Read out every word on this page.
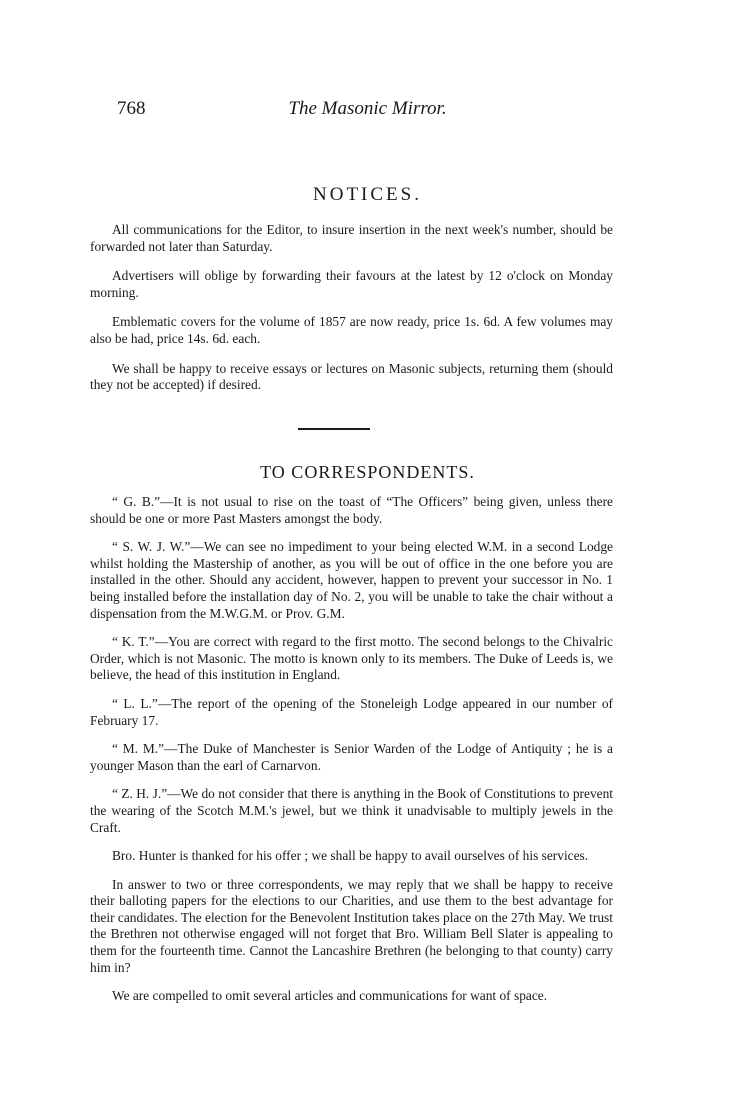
768	The Masonic Mirror.
NOTICES.

All communications for the Editor, to insure insertion in the next week's number, should be forwarded not later than Saturday.

Advertisers will oblige by forwarding their favours at the latest by 12 o'clock on Monday morning.

Emblematic covers for the volume of 1857 are now ready, price 1s. 6d. A few volumes may also be had, price 14s. 6d. each.

We shall be happy to receive essays or lectures on Masonic subjects, returning them (should they not be accepted) if desired.

TO CORRESPONDENTS.

“ G. B.”—It is not usual to rise on the toast of “The Officers” being given, unless there should be one or more Past Masters amongst the body.

“ S. W. J. W.”—We can see no impediment to your being elected W.M. in a second Lodge whilst holding the Mastership of another, as you will be out of office in the one before you are installed in the other. Should any accident, however, happen to prevent your successor in No. 1 being installed before the installation day of No. 2, you will be unable to take the chair without a dispensation from the M.W.G.M. or Prov. G.M.

“ K. T.”—You are correct with regard to the first motto. The second belongs to the Chivalric Order, which is not Masonic. The motto is known only to its members. The Duke of Leeds is, we believe, the head of this institution in England.

“ L. L.”—The report of the opening of the Stoneleigh Lodge appeared in our number of February 17.

“ M. M.”—The Duke of Manchester is Senior Warden of the Lodge of Antiquity ; he is a younger Mason than the earl of Carnarvon.

“ Z. H. J.”—We do not consider that there is anything in the Book of Constitutions to prevent the wearing of the Scotch M.M.'s jewel, but we think it unadvisable to multiply jewels in the Craft.

Bro. Hunter is thanked for his offer ; we shall be happy to avail ourselves of his services.

In answer to two or three correspondents, we may reply that we shall be happy to receive their balloting papers for the elections to our Charities, and use them to the best advantage for their candidates. The election for the Benevolent Institution takes place on the 27th May. We trust the Brethren not otherwise engaged will not forget that Bro. William Bell Slater is appealing to them for the fourteenth time. Cannot the Lancashire Brethren (he belonging to that county) carry him in?

We are compelled to omit several articles and communications for want of space.
